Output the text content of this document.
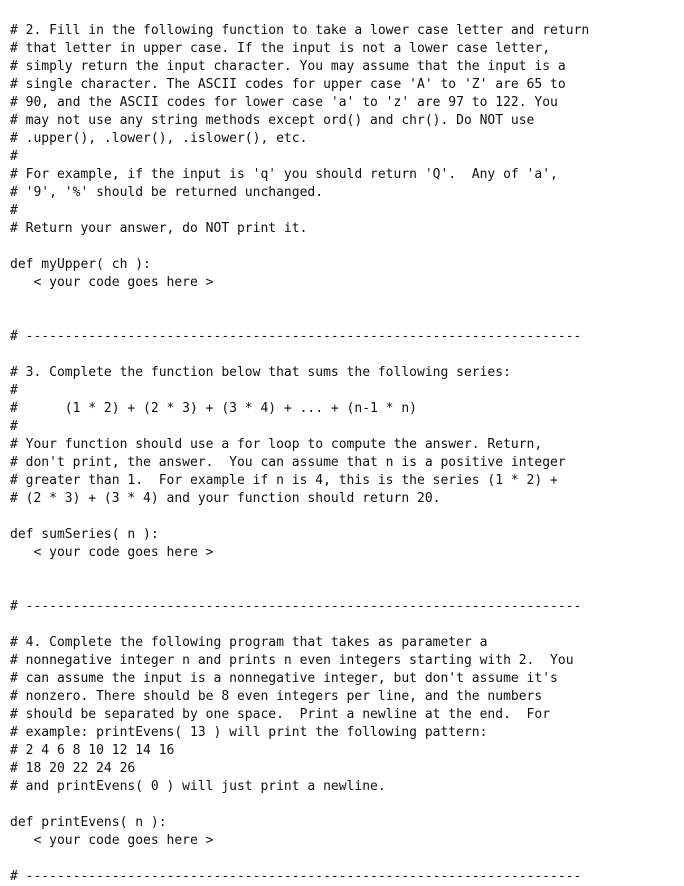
# 2. Fill in the following function to take a lower case letter and return
# that letter in upper case. If the input is not a lower case letter,
# simply return the input character. You may assume that the input is a
# single character. The ASCII codes for upper case 'A' to 'Z' are 65 to
# 90, and the ASCII codes for lower case 'a' to 'z' are 97 to 122. You
# may not use any string methods except ord() and chr(). Do NOT use
# .upper(), .lower(), .islower(), etc.
#
# For example, if the input is 'q' you should return 'Q'.  Any of 'a',
# '9', '%' should be returned unchanged.
#
# Return your answer, do NOT print it.
def myUpper( ch ):
< your code goes here >
# -----------------------------------------------------------------------
# 3. Complete the function below that sums the following series:
#
#      (1 * 2) + (2 * 3) + (3 * 4) + ... + (n-1 * n)
#
# Your function should use a for loop to compute the answer. Return,
# don't print, the answer.  You can assume that n is a positive integer
# greater than 1.  For example if n is 4, this is the series (1 * 2) +
# (2 * 3) + (3 * 4) and your function should return 20.
def sumSeries( n ):
< your code goes here >
# -----------------------------------------------------------------------
# 4. Complete the following program that takes as parameter a
# nonnegative integer n and prints n even integers starting with 2.  You
# can assume the input is a nonnegative integer, but don't assume it's
# nonzero. There should be 8 even integers per line, and the numbers
# should be separated by one space.  Print a newline at the end.  For
# example: printEvens( 13 ) will print the following pattern:
# 2 4 6 8 10 12 14 16
# 18 20 22 24 26
# and printEvens( 0 ) will just print a newline.
def printEvens( n ):
< your code goes here >
# -----------------------------------------------------------------------
